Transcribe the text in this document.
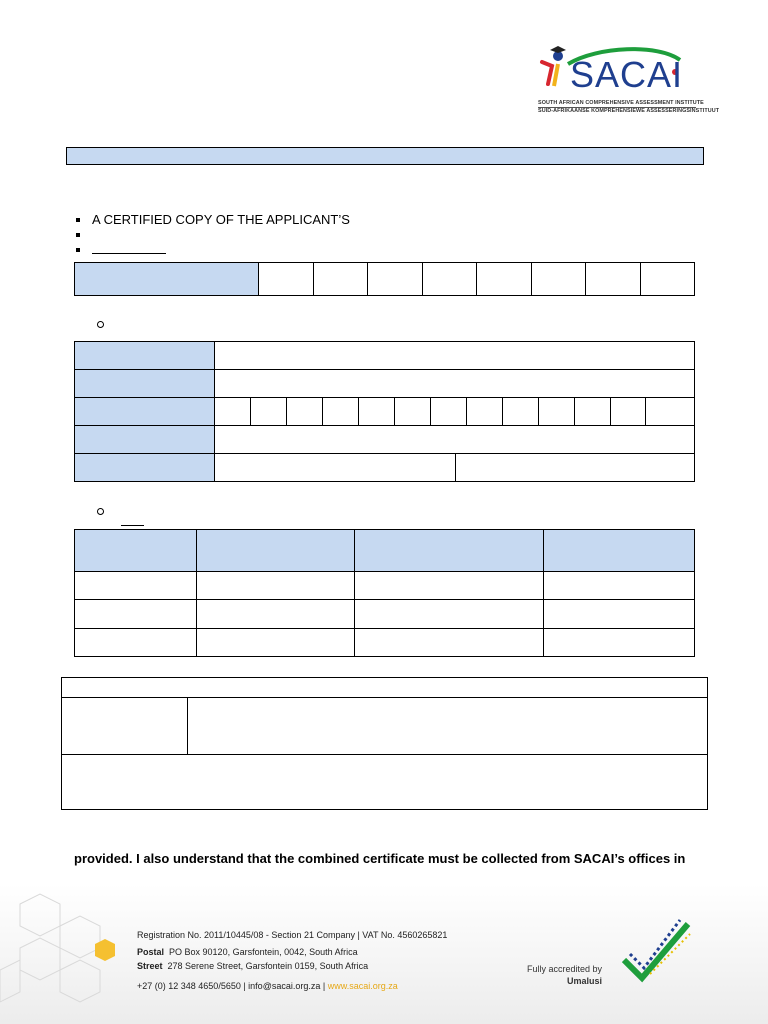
SACAI
SOUTH AFRICAN COMPREHENSIVE ASSESSMENT INSTITUTE
SUID-AFRIKAANSE KOMPREHENSIEWE ASSESSERINGSINSTITUUT
A CERTIFIED COPY OF THE APPLICANT’S

provided. I also understand that the combined certificate must be collected from SACAI’s offices in
Registration No. 2011/10445/08 - Section 21 Company | VAT No. 4560265821
Postal PO Box 90120, Garsfontein, 0042, South Africa
Street 278 Serene Street, Garsfontein 0159, South Africa
+27 (0) 12 348 4650/5650 | info@sacai.org.za | www.sacai.org.za
Fully accredited by
Umalusi
